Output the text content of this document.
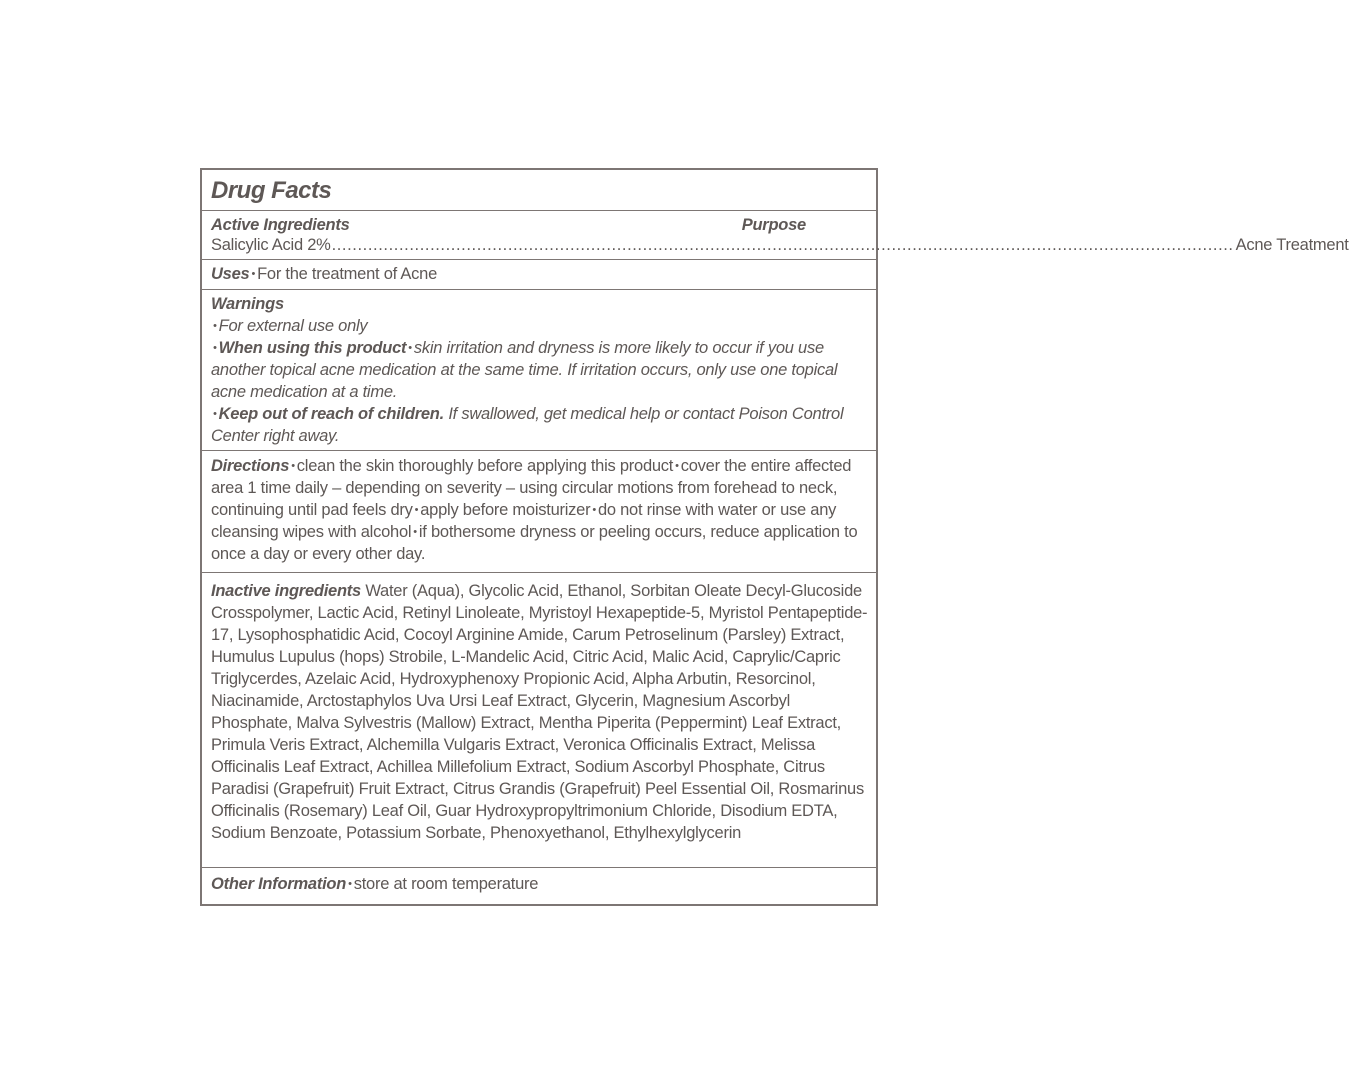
Drug Facts
Active Ingredients	Purpose
Salicylic Acid 2% .............................................................................................................................................................................. Acne Treatment
Uses • For the treatment of Acne

Warnings

• For external use only

• When using this product • skin irritation and dryness is more likely to occur if you use another topical acne medication at the same time. If irritation occurs, only use one topical acne medication at a time.

• Keep out of reach of children. If swallowed, get medical help or contact Poison Control Center right away.

Directions • clean the skin thoroughly before applying this product • cover the entire affected area 1 time daily – depending on severity – using circular motions from forehead to neck, continuing until pad feels dry • apply before moisturizer • do not rinse with water or use any cleansing wipes with alcohol • if bothersome dryness or peeling occurs, reduce application to once a day or every other day.
Inactive ingredients Water (Aqua), Glycolic Acid, Ethanol, Sorbitan Oleate Decyl-Glucoside Crosspolymer, Lactic Acid, Retinyl Linoleate, Myristoyl Hexapeptide-5, Myristol Pentapeptide-17, Lysophosphatidic Acid, Cocoyl Arginine Amide, Carum Petroselinum (Parsley) Extract, Humulus Lupulus (hops) Strobile, L-Mandelic Acid, Citric Acid, Malic Acid, Caprylic/Capric Triglycerdes, Azelaic Acid, Hydroxyphenoxy Propionic Acid, Alpha Arbutin, Resorcinol, Niacinamide, Arctostaphylos Uva Ursi Leaf Extract, Glycerin, Magnesium Ascorbyl Phosphate, Malva Sylvestris (Mallow) Extract, Mentha Piperita (Peppermint) Leaf Extract, Primula Veris Extract, Alchemilla Vulgaris Extract, Veronica Officinalis Extract, Melissa Officinalis Leaf Extract, Achillea Millefolium Extract, Sodium Ascorbyl Phosphate, Citrus Paradisi (Grapefruit) Fruit Extract, Citrus Grandis (Grapefruit) Peel Essential Oil, Rosmarinus Officinalis (Rosemary) Leaf Oil, Guar Hydroxypropyltrimonium Chloride, Disodium EDTA, Sodium Benzoate, Potassium Sorbate, Phenoxyethanol, Ethylhexylglycerin
Other Information • store at room temperature
